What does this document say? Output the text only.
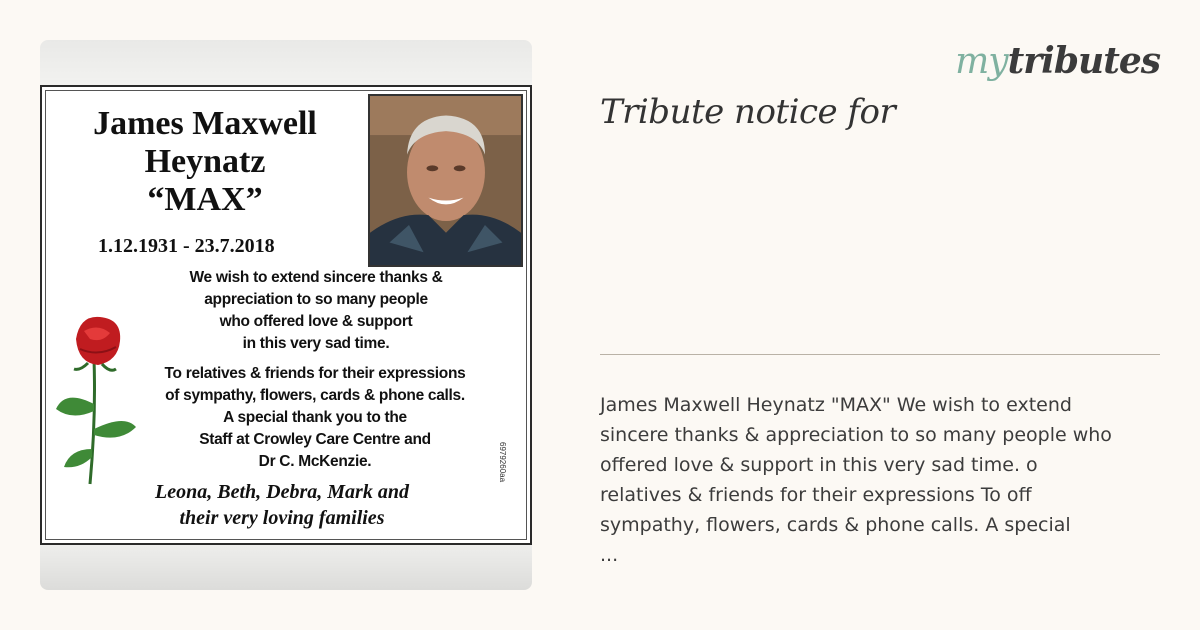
James Maxwell
Heynatz
“MAX”
1.12.1931 - 23.7.2018
We wish to extend sincere thanks &
appreciation to so many people
who offered love & support
in this very sad time.
To relatives & friends for their expressions
of sympathy, flowers, cards & phone calls.
A special thank you to the
Staff at Crowley Care Centre and
Dr C. McKenzie.
Leona, Beth, Debra, Mark and
their very loving families
6979260aa
mytributes
Tribute notice for
James Maxwell Heynatz "MAX" We wish to extend
sincere thanks & appreciation to so many people who
offered love & support in this very sad time. o
relatives & friends for their expressions To off
sympathy, flowers, cards & phone calls. A special
...
